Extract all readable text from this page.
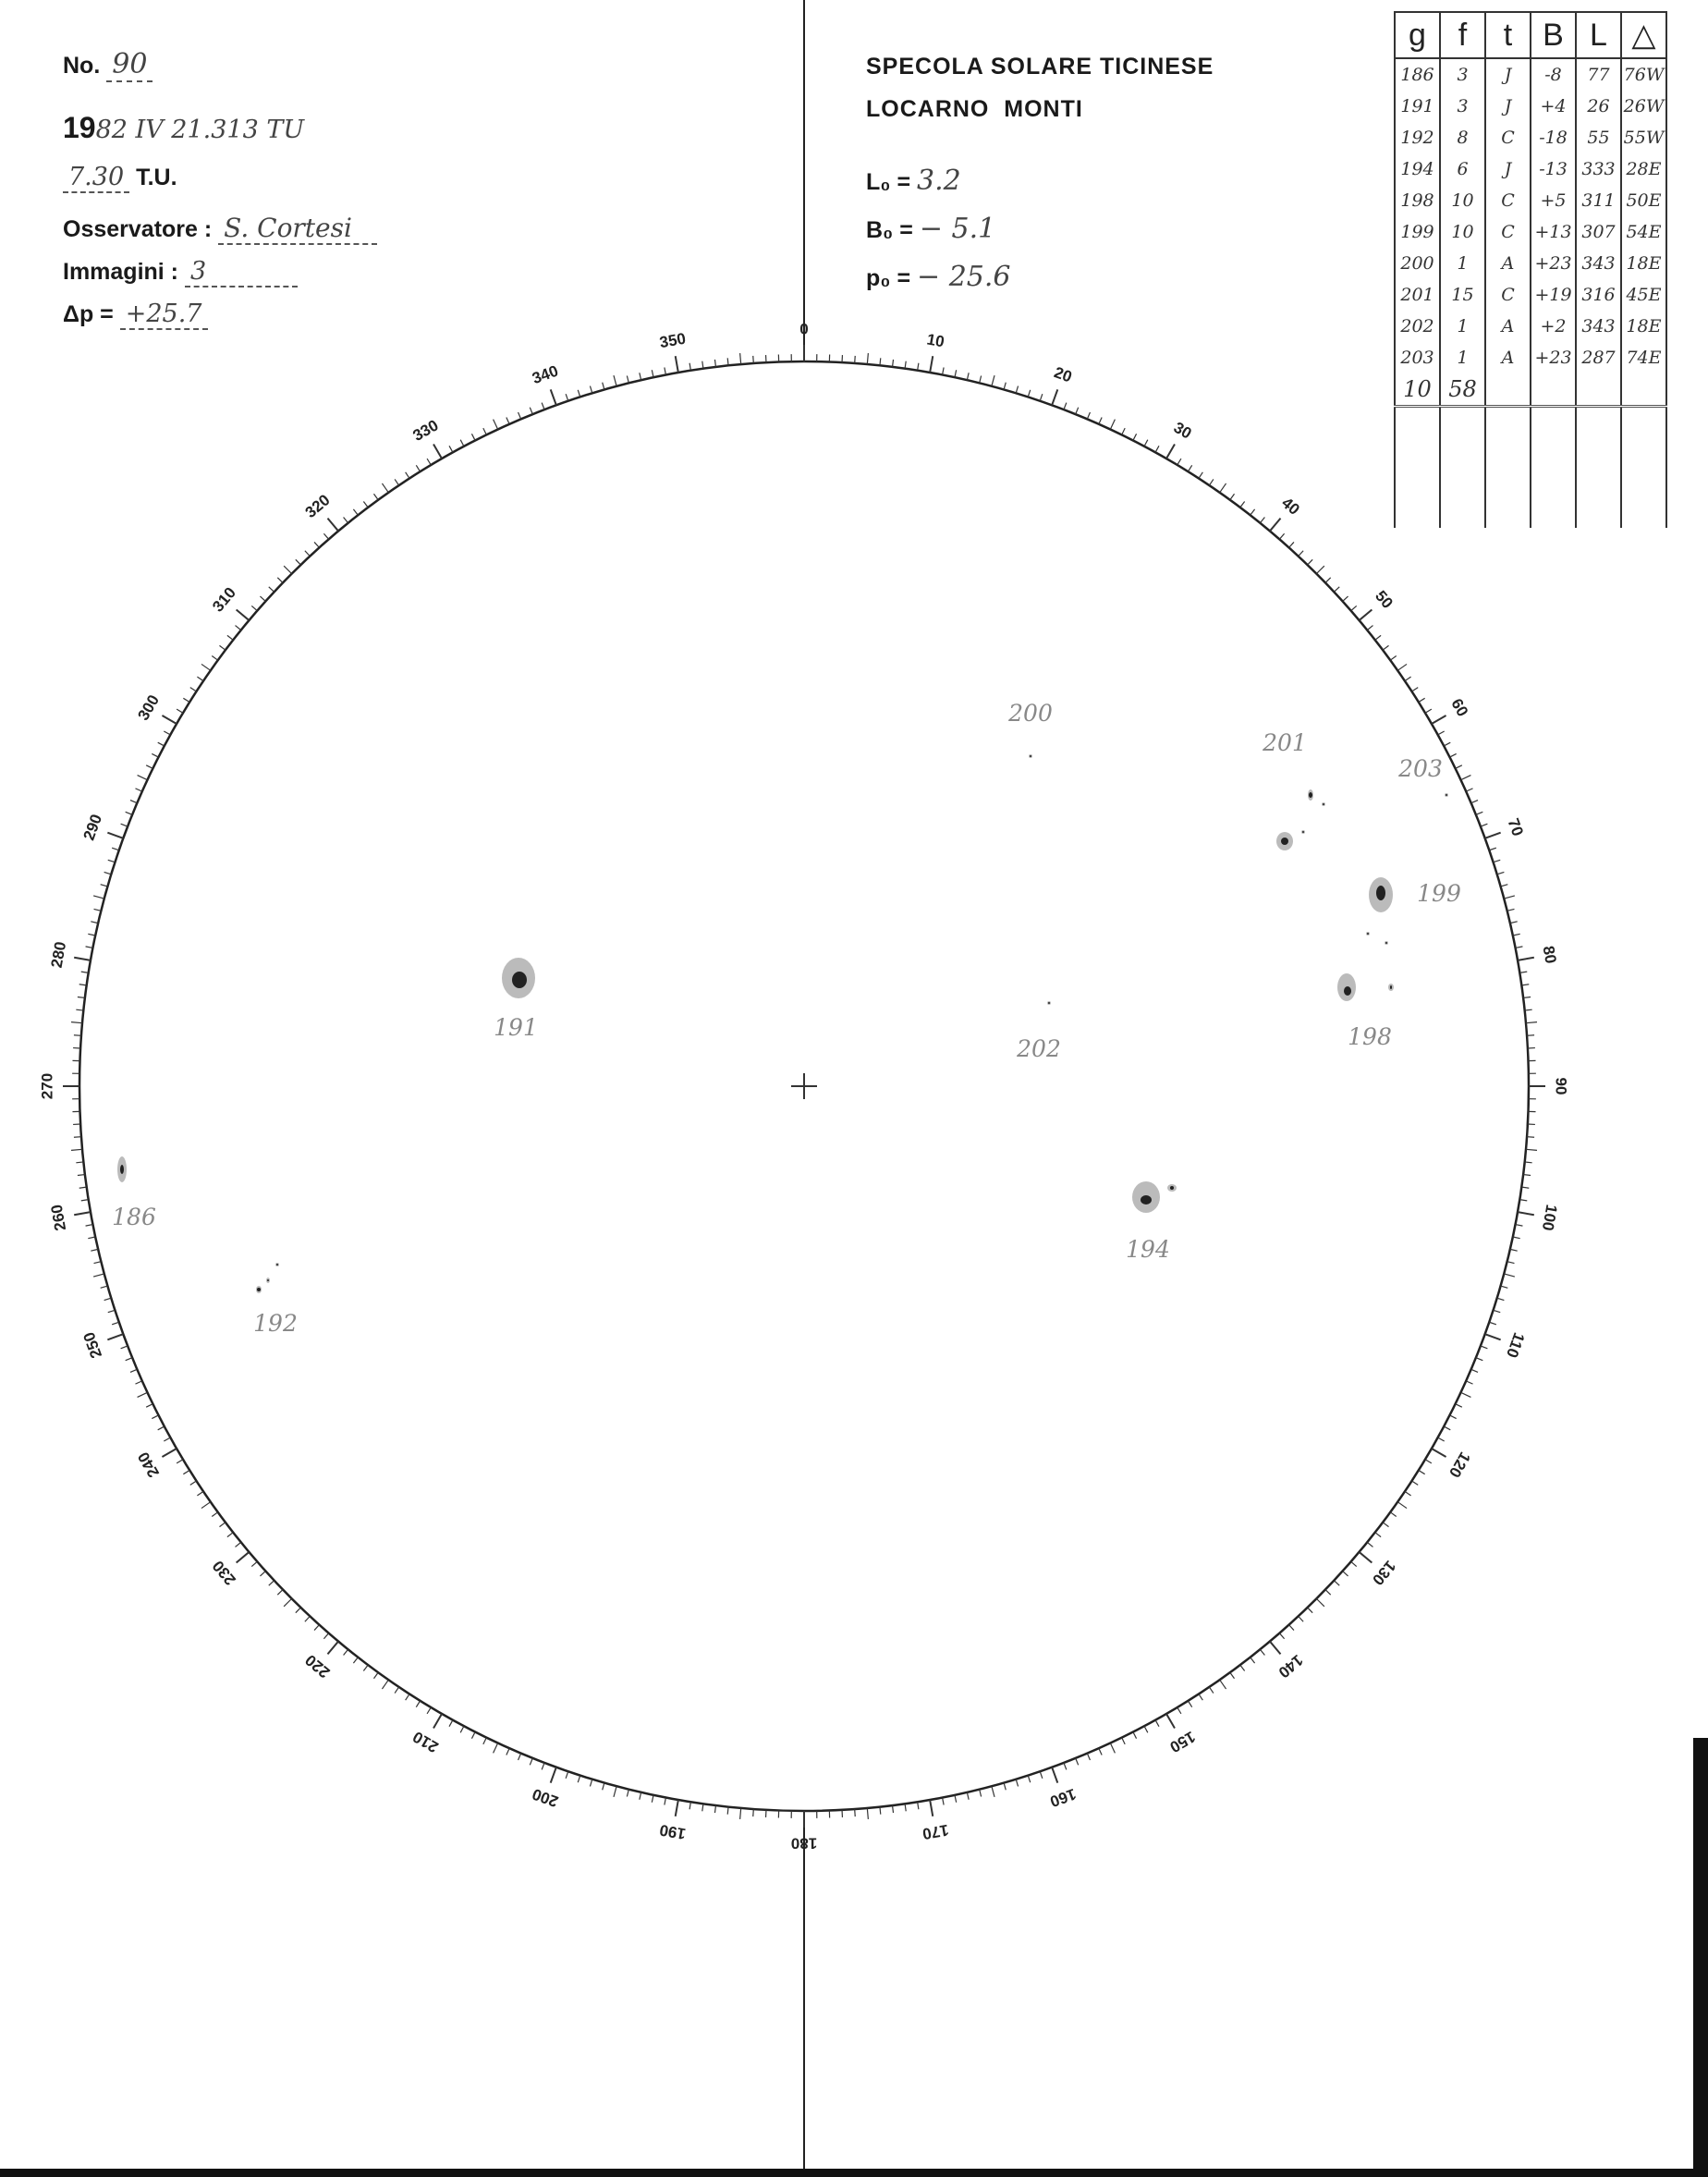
No. 90
1982 IV 21.313 TU
7.30 T.U.
Osservatore : S. Cortesi
Immagini : 3
Δp = +25.7
SPECOLA SOLARE TICINESE
LOCARNO  MONTI
L₀ = 3.2
B₀ = − 5.1
p₀ = − 25.6
g	f	t	B	L	△
186	3	J	-8	77	76W
191	3	J	+4	26	26W
192	8	C	-18	55	55W
194	6	J	-13	333	28E
198	10	C	+5	311	50E
199	10	C	+13	307	54E
200	1	A	+23	343	18E
201	15	C	+19	316	45E
202	1	A	+2	343	18E
203	1	A	+23	287	74E
10	58				

0
10
20
30
40
50
60
70
80
90
100
110
120
130
140
150
160
170
180
190
200
210
220
230
240
250
260
270
280
290
300
310
320
330
340
350
186
191
192
194
198
199
200
201
202
203
